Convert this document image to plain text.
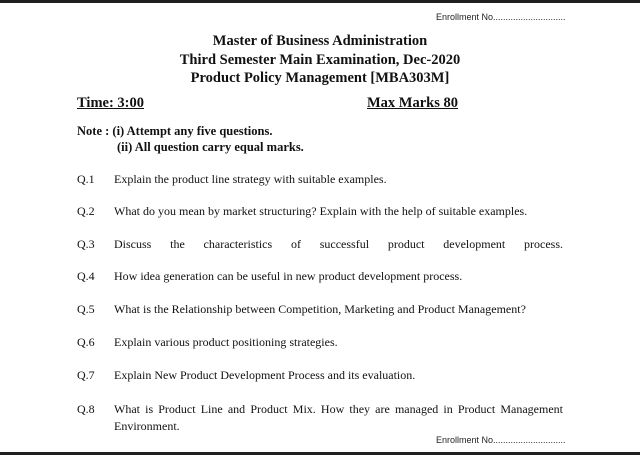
Enrollment No.............................
Master of Business Administration
Third Semester Main Examination, Dec-2020
Product Policy Management [MBA303M]
Time: 3:00	Max Marks 80
Note : (i) Attempt any five questions.
(ii) All question carry equal marks.
Q.1 Explain the product line strategy with suitable examples.
Q.2 What do you mean by market structuring? Explain with the help of suitable examples.
Q.3 Discuss the characteristics of successful product development process.
Q.4 How idea generation can be useful in new product development process.
Q.5 What is the Relationship between Competition, Marketing and Product Management?
Q.6 Explain various product positioning strategies.
Q.7 Explain New Product Development Process and its evaluation.
Q.8 What is Product Line and Product Mix. How they are managed in Product Management Environment.
Enrollment No.............................
